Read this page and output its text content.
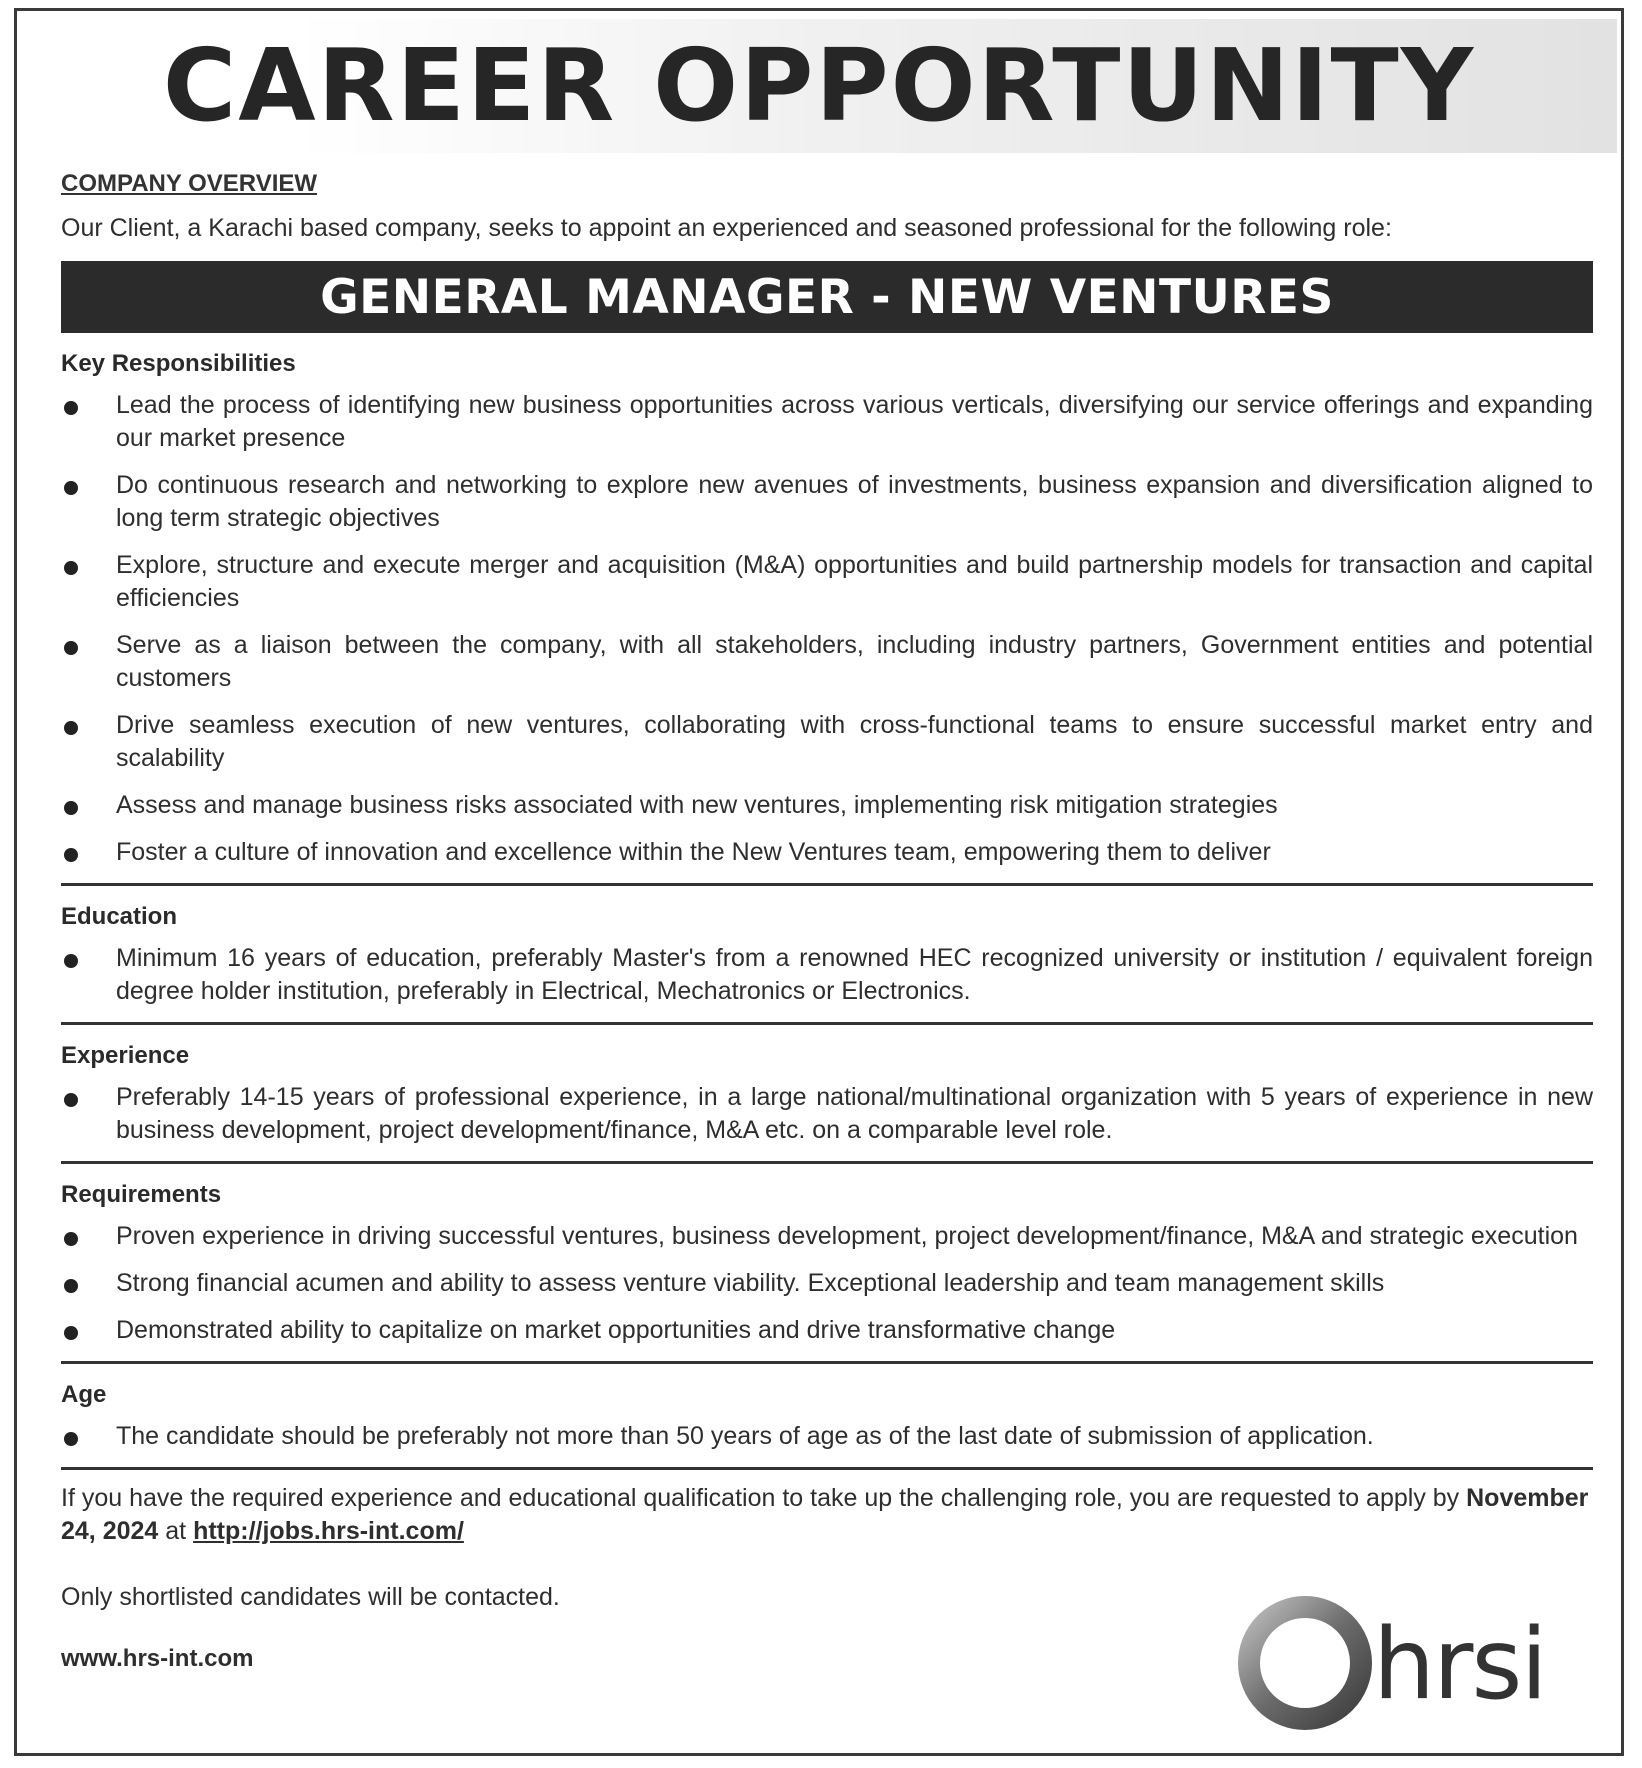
CAREER OPPORTUNITY
COMPANY OVERVIEW

Our Client, a Karachi based company, seeks to appoint an experienced and seasoned professional for the following role:

GENERAL MANAGER - NEW VENTURES
Key Responsibilities
Lead the process of identifying new business opportunities across various verticals, diversifying our service offerings and expanding our market presence
Do continuous research and networking to explore new avenues of investments, business expansion and diversification aligned to long term strategic objectives
Explore, structure and execute merger and acquisition (M&A) opportunities and build partnership models for transaction and capital efficiencies
Serve as a liaison between the company, with all stakeholders, including industry partners, Government entities and potential customers
Drive seamless execution of new ventures, collaborating with cross-functional teams to ensure successful market entry and scalability
Assess and manage business risks associated with new ventures, implementing risk mitigation strategies
Foster a culture of innovation and excellence within the New Ventures team, empowering them to deliver
Education
Minimum 16 years of education, preferably Master's from a renowned HEC recognized university or institution / equivalent foreign degree holder institution, preferably in Electrical, Mechatronics or Electronics.
Experience
Preferably 14-15 years of professional experience, in a large national/multinational organization with 5 years of experience in new business development, project development/finance, M&A etc. on a comparable level role.
Requirements
Proven experience in driving successful ventures, business development, project development/finance, M&A and strategic execution
Strong financial acumen and ability to assess venture viability. Exceptional leadership and team management skills
Demonstrated ability to capitalize on market opportunities and drive transformative change
Age
The candidate should be preferably not more than 50 years of age as of the last date of submission of application.

If you have the required experience and educational qualification to take up the challenging role, you are requested to apply by November 24, 2024 at http://jobs.hrs-int.com/

Only shortlisted candidates will be contacted.

www.hrs-int.com	hrsi
